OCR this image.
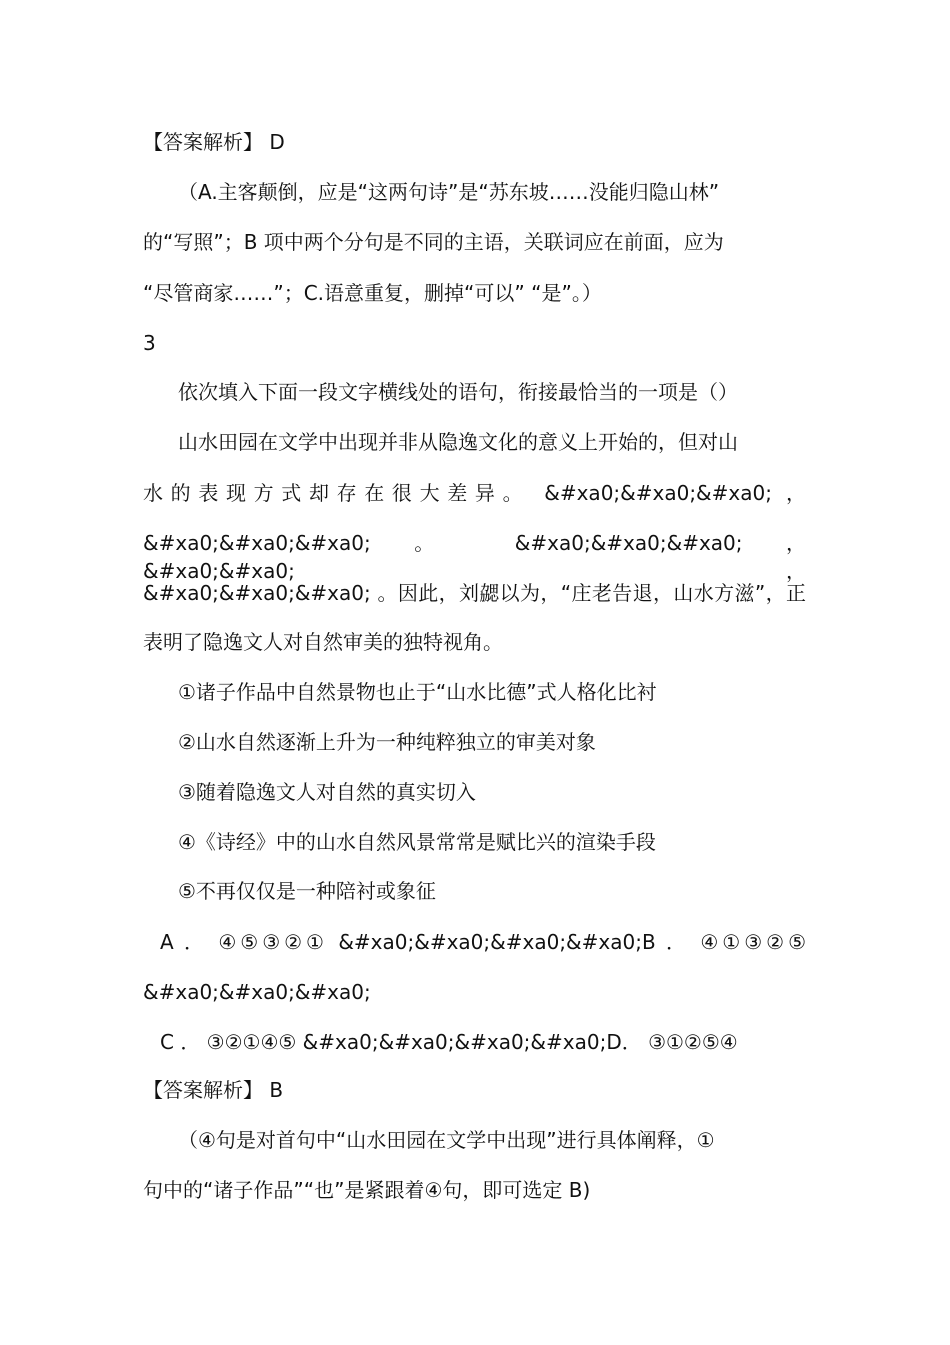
【答案解析】 D
（A.主客颠倒，应是“这两句诗”是“苏东坡……没能归隐山林”
的“写照”；B 项中两个分句是不同的主语，关联词应在前面，应为
“尽管商家……”；C.语意重复，删掉“可以” “是”。）
3
依次填入下面一段文字横线处的语句，衔接最恰当的一项是（）
山水田园在文学中出现并非从隐逸文化的意义上开始的，但对山
水的表现方式却存在很大差异。 &#xa0;&#xa0;&#xa0; ，
&#xa0;&#xa0;&#xa0; 。 &#xa0;&#xa0;&#xa0; ， &#xa0;&#xa0; ，
&#xa0;&#xa0;&#xa0; 。因此，刘勰以为，“庄老告退，山水方滋”，正
表明了隐逸文人对自然审美的独特视角。
①诸子作品中自然景物也止于“山水比德”式人格化比衬
②山水自然逐渐上升为一种纯粹独立的审美对象
③随着隐逸文人对自然的真实切入
④《诗经》中的山水自然风景常常是赋比兴的渲染手段
⑤不再仅仅是一种陪衬或象征
A ． ④⑤③②① &#xa0;&#xa0;&#xa0;&#xa0;B ． ④①③②⑤
&#xa0;&#xa0;&#xa0;
C ． ③②①④⑤ &#xa0;&#xa0;&#xa0;&#xa0;D． ③①②⑤④
【答案解析】 B
（④句是对首句中“山水田园在文学中出现”进行具体阐释，①
句中的“诸子作品”“也”是紧跟着④句，即可选定 B)
